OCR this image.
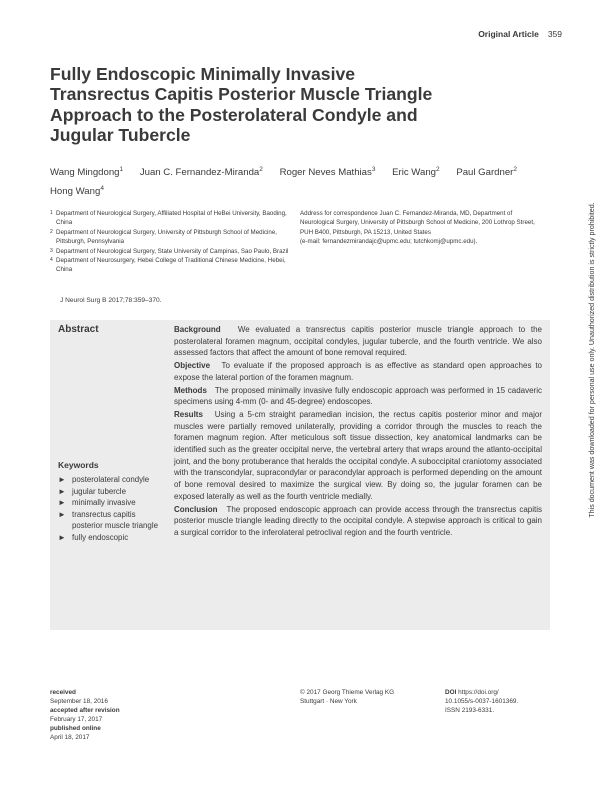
Original Article 359
Fully Endoscopic Minimally Invasive Transrectus Capitis Posterior Muscle Triangle Approach to the Posterolateral Condyle and Jugular Tubercle
Wang Mingdong$^1$ Juan C. Fernandez-Miranda$^2$ Roger Neves Mathias$^3$ Eric Wang$^2$ Paul Gardner$^2$
Hong Wang$^4$
1 Department of Neurological Surgery, Affiliated Hospital of HeBei University, Baoding, China
2 Department of Neurological Surgery, University of Pittsburgh School of Medicine, Pittsburgh, Pennsylvania
3 Department of Neurological Surgery, State University of Campinas, Sao Paulo, Brazil
4 Department of Neurosurgery, Hebei College of Traditional Chinese Medicine, Hebei, China
Address for correspondence Juan C. Fernandez-Miranda, MD, Department of Neurological Surgery, University of Pittsburgh School of Medicine, 200 Lothrop Street, PUH B400, Pittsburgh, PA 15213, United States
(e-mail: fernandezmirandajc@upmc.edu; tutchkomj@upmc.edu).
J Neurol Surg B 2017;78:359–370.
Abstract	Background We evaluated a transrectus capitis posterior muscle triangle approach to the posterolateral foramen magnum, occipital condyles, jugular tubercle, and the fourth ventricle. We also assessed factors that affect the amount of bone removal required.

Objective To evaluate if the proposed approach is as effective as standard open approaches to expose the lateral portion of the foramen magnum.

Methods The proposed minimally invasive fully endoscopic approach was performed in 15 cadaveric specimens using 4-mm (0- and 45-degree) endoscopes.

Results Using a 5-cm straight paramedian incision, the rectus capitis posterior minor and major muscles were partially removed unilaterally, providing a corridor through the muscles to reach the foramen magnum region. After meticulous soft tissue dissection, key anatomical landmarks can be identified such as the greater occipital nerve, the vertebral artery that wraps around the atlanto-occipital joint, and the bony protuberance that heralds the occipital condyle. A suboccipital craniotomy associated with the transcondylar, supracondylar or paracondylar approach is performed depending on the amount of bone removal desired to maximize the surgical view. By doing so, the jugular foramen can be exposed laterally as well as the fourth ventricle medially.

Conclusion The proposed endoscopic approach can provide access through the transrectus capitis posterior muscle triangle leading directly to the occipital condyle. A stepwise approach is critical to gain a surgical corridor to the inferolateral petroclival region and the fourth ventricle.

Keywords
► posterolateral condyle
► jugular tubercle
► minimally invasive
► transrectus capitis posterior muscle triangle
► fully endoscopic
received
September 18, 2016
accepted after revision
February 17, 2017
published online
April 18, 2017
© 2017 Georg Thieme Verlag KG
Stuttgart · New York
DOI https://doi.org/
10.1055/s-0037-1601369.
ISSN 2193-6331.
This document was downloaded for personal use only. Unauthorized distribution is strictly prohibited.
